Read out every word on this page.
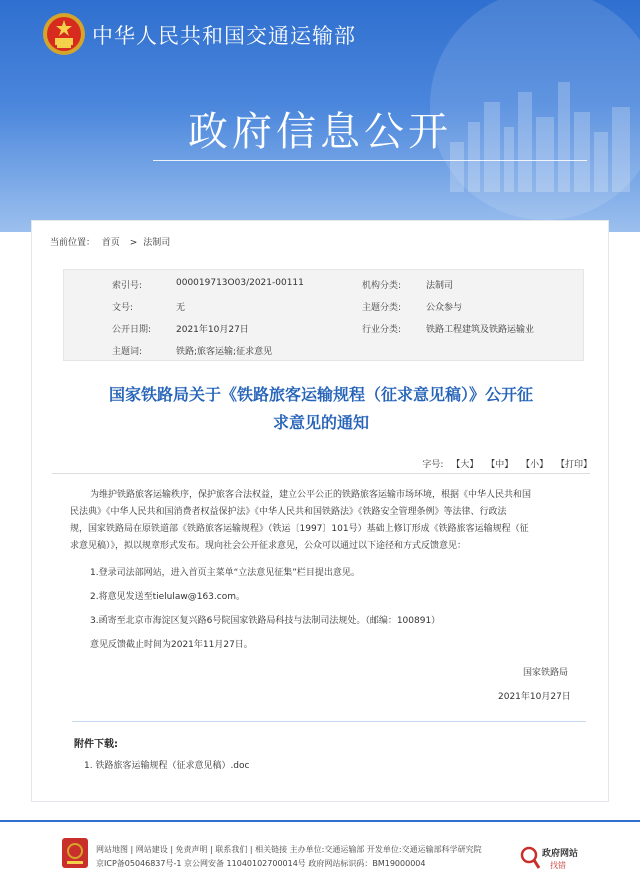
中华人民共和国交通运输部
政府信息公开
当前位置： 首页 > 法制司
索引号:	000019713O03/2021-00111	机构分类:	法制司
文号:	无	主题分类:	公众参与
公开日期:	2021年10月27日	行业分类:	铁路工程建筑及铁路运输业
主题词:	铁路;旅客运输;征求意见
国家铁路局关于《铁路旅客运输规程（征求意见稿）》公开征
求意见的通知
字号: 【大】 【中】 【小】 【打印】
为维护铁路旅客运输秩序，保护旅客合法权益，建立公平公正的铁路旅客运输市场环境，根据《中华人民共和国
民法典》《中华人民共和国消费者权益保护法》《中华人民共和国铁路法》《铁路安全管理条例》等法律、行政法
规，国家铁路局在原铁道部《铁路旅客运输规程》（铁运〔1997〕101号）基础上修订形成《铁路旅客运输规程（征
求意见稿）》，拟以规章形式发布。现向社会公开征求意见，公众可以通过以下途径和方式反馈意见：
1.登录司法部网站，进入首页主菜单“立法意见征集”栏目提出意见。
2.将意见发送至tielulaw@163.com。
3.函寄至北京市海淀区复兴路6号院国家铁路局科技与法制司法规处。（邮编：100891）
意见反馈截止时间为2021年11月27日。
国家铁路局
2021年10月27日
附件下载:
1. 铁路旅客运输规程（征求意见稿）.doc
网站地图 | 网站建设 | 免责声明 | 联系我们 | 相关链接 主办单位:交通运输部 开发单位:交通运输部科学研究院
京ICP备05046837号-1 京公网安备 11040102700014号 政府网站标识码：BM19000004
政府网站
找错
